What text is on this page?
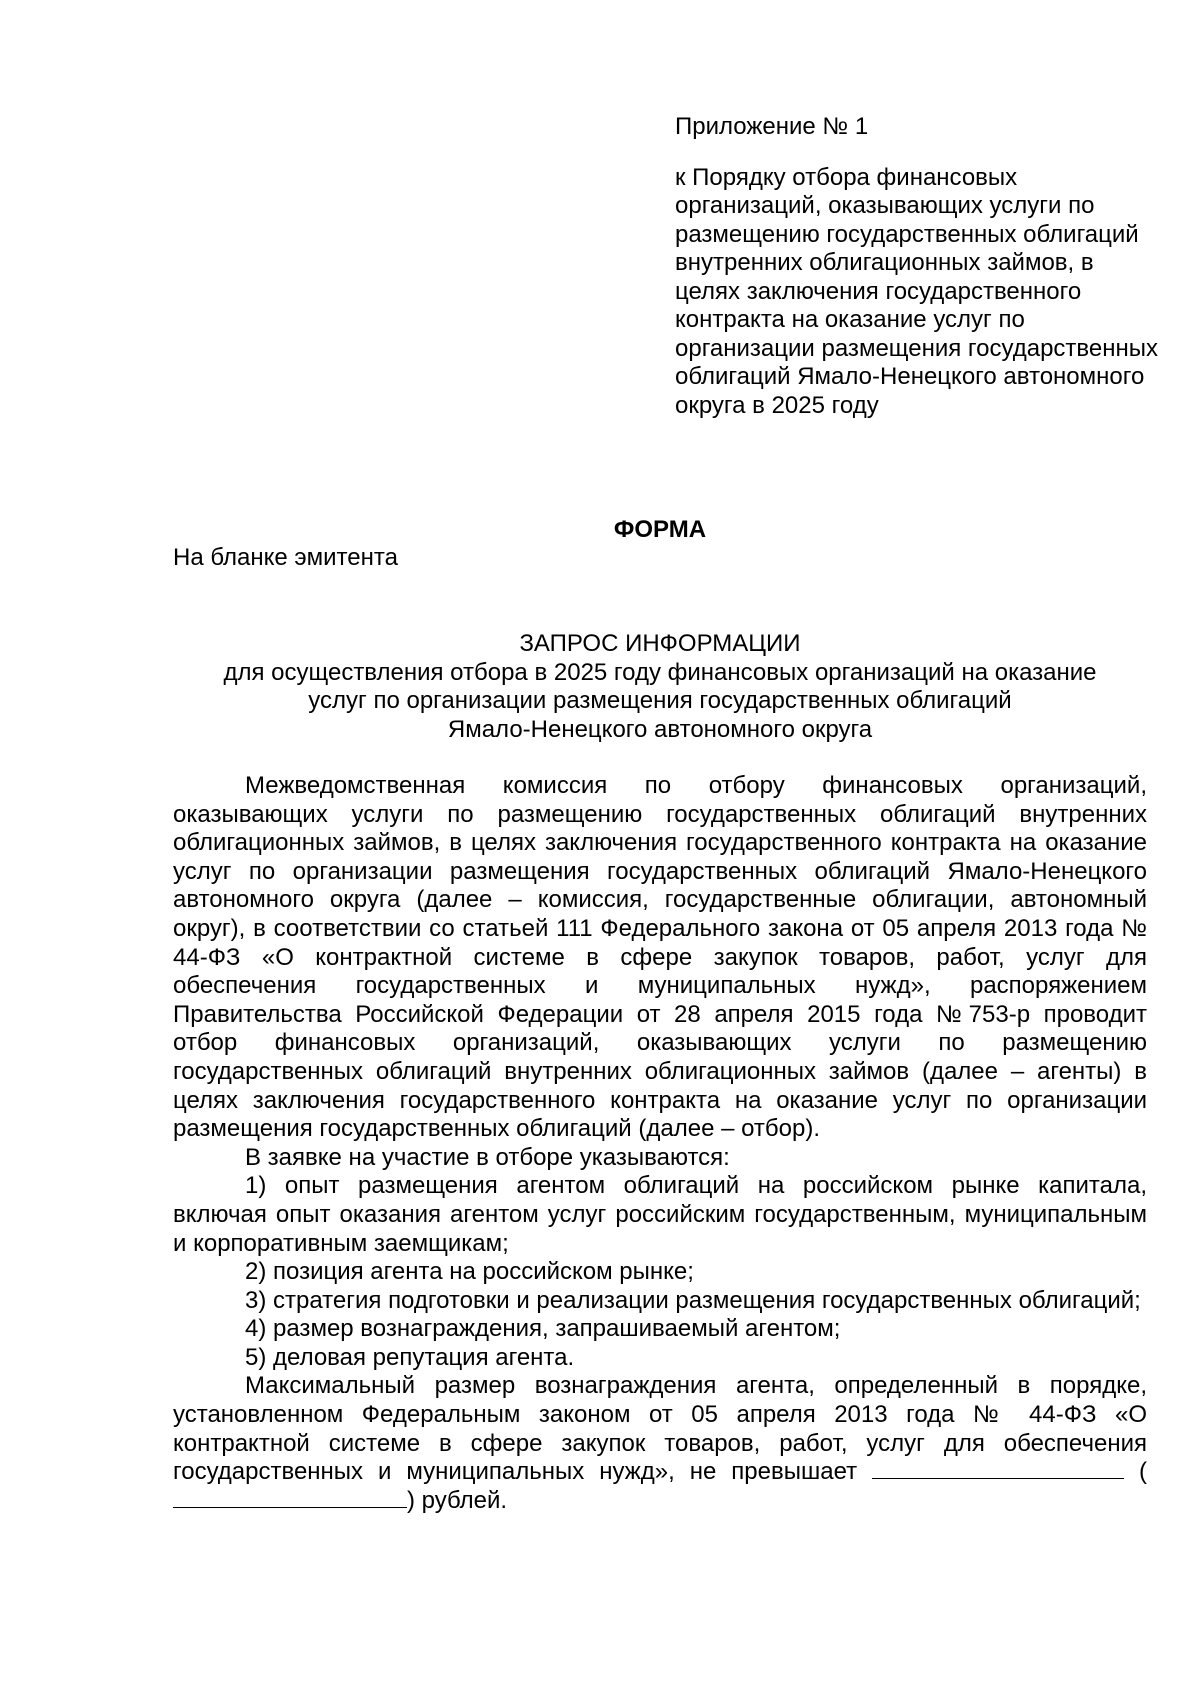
Приложение № 1
к Порядку отбора финансовых организаций, оказывающих услуги по размещению государственных облигаций внутренних облигационных займов, в целях заключения государственного контракта на оказание услуг по организации размещения государственных облигаций Ямало-Ненецкого автономного округа в 2025 году
ФОРМА
На бланке эмитента
ЗАПРОС ИНФОРМАЦИИ
для осуществления отбора в 2025 году финансовых организаций на оказание
услуг по организации размещения государственных облигаций
Ямало-Ненецкого автономного округа

Межведомственная комиссия по отбору финансовых организаций, оказывающих услуги по размещению государственных облигаций внутренних облигационных займов, в целях заключения государственного контракта на оказание услуг по организации размещения государственных облигаций Ямало-Ненецкого автономного округа (далее – комиссия, государственные облигации, автономный округ), в соответствии со статьей 111 Федерального закона от 05 апреля 2013 года № 44-ФЗ «О контрактной системе в сфере закупок товаров, работ, услуг для обеспечения государственных и муниципальных нужд», распоряжением Правительства Российской Федерации от 28 апреля 2015 года №753-р проводит отбор финансовых организаций, оказывающих услуги по размещению государственных облигаций внутренних облигационных займов (далее – агенты) в целях заключения государственного контракта на оказание услуг по организации размещения государственных облигаций (далее – отбор).

В заявке на участие в отборе указываются:

1) опыт размещения агентом облигаций на российском рынке капитала, включая опыт оказания агентом услуг российским государственным, муниципальным и корпоративным заемщикам;

2) позиция агента на российском рынке;

3) стратегия подготовки и реализации размещения государственных облигаций;

4) размер вознаграждения, запрашиваемый агентом;

5) деловая репутация агента.

Максимальный размер вознаграждения агента, определенный в порядке, установленном Федеральным законом от 05 апреля 2013 года № 44-ФЗ «О контрактной системе в сфере закупок товаров, работ, услуг для обеспечения государственных и муниципальных нужд», не превышает	() рублей.
